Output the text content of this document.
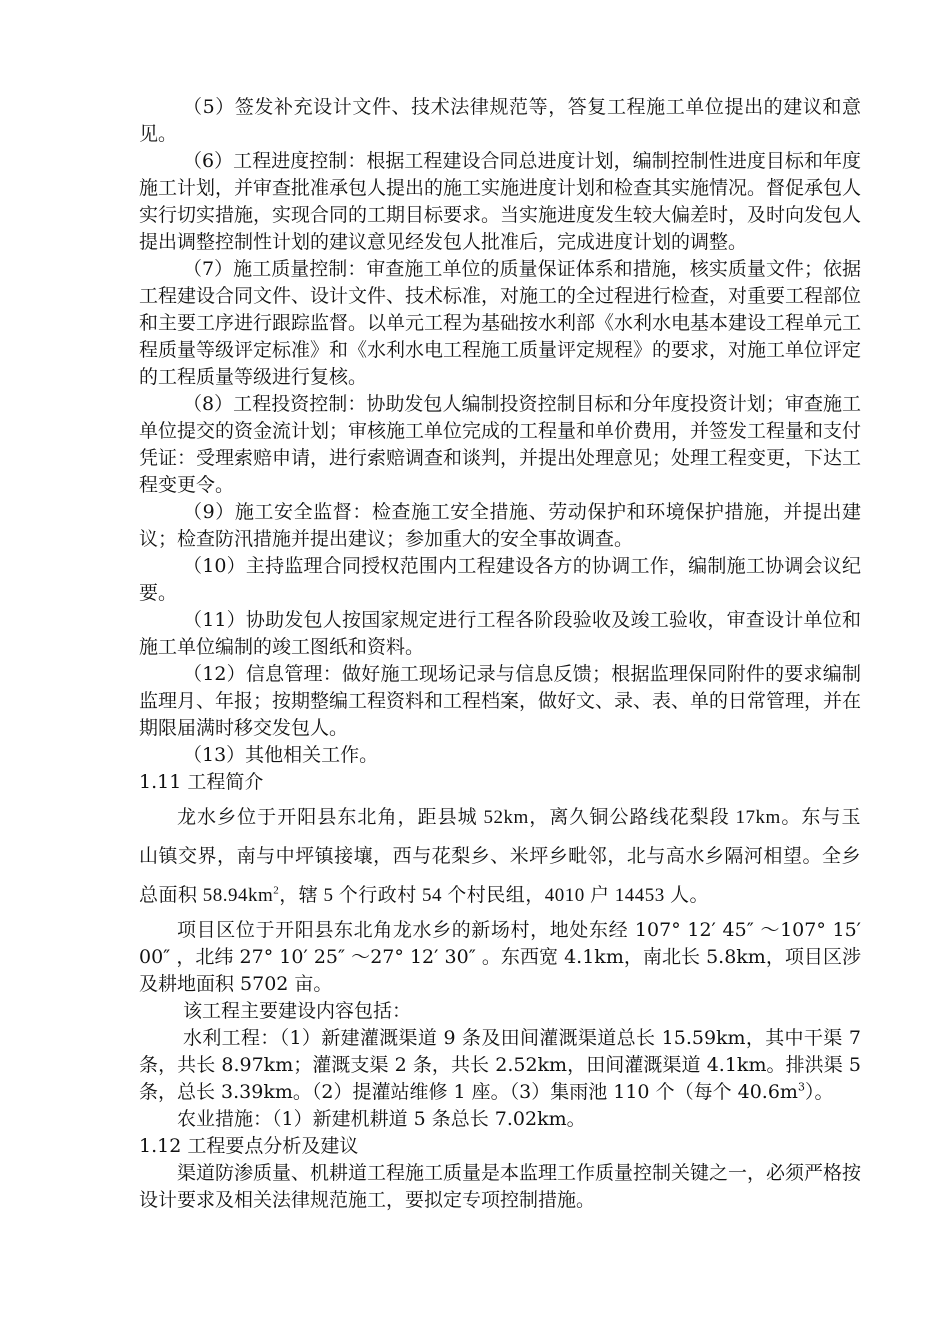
（5）签发补充设计文件、技术法律规范等，答复工程施工单位提出的建议和意见。

（6）工程进度控制：根据工程建设合同总进度计划，编制控制性进度目标和年度施工计划，并审查批准承包人提出的施工实施进度计划和检查其实施情况。督促承包人实行切实措施，实现合同的工期目标要求。当实施进度发生较大偏差时，及时向发包人提出调整控制性计划的建议意见经发包人批准后，完成进度计划的调整。

（7）施工质量控制：审查施工单位的质量保证体系和措施，核实质量文件；依据工程建设合同文件、设计文件、技术标准，对施工的全过程进行检查，对重要工程部位和主要工序进行跟踪监督。以单元工程为基础按水利部《水利水电基本建设工程单元工程质量等级评定标准》和《水利水电工程施工质量评定规程》的要求，对施工单位评定的工程质量等级进行复核。

（8）工程投资控制：协助发包人编制投资控制目标和分年度投资计划；审查施工单位提交的资金流计划；审核施工单位完成的工程量和单价费用，并签发工程量和支付凭证：受理索赔申请，进行索赔调查和谈判，并提出处理意见；处理工程变更，下达工程变更令。

（9）施工安全监督：检查施工安全措施、劳动保护和环境保护措施，并提出建议；检查防汛措施并提出建议；参加重大的安全事故调查。

（10）主持监理合同授权范围内工程建设各方的协调工作，编制施工协调会议纪要。

（11）协助发包人按国家规定进行工程各阶段验收及竣工验收，审查设计单位和施工单位编制的竣工图纸和资料。

（12）信息管理：做好施工现场记录与信息反馈；根据监理保同附件的要求编制监理月、年报；按期整编工程资料和工程档案，做好文、录、表、单的日常管理，并在期限届满时移交发包人。

（13）其他相关工作。

1.11 工程简介

龙水乡位于开阳县东北角，距县城 52km，离久铜公路线花梨段 17km。东与玉山镇交界，南与中坪镇接壤，西与花梨乡、米坪乡毗邻，北与高水乡隔河相望。全乡总面积 $58.94km^2$，辖 5 个行政村 54 个村民组，4010 户 14453 人。

项目区位于开阳县东北角龙水乡的新场村，地处东经 107° 12′ 45″ ～107° 15′ 00″ ，北纬 27° 10′ 25″ ～27° 12′ 30″ 。东西宽 4.1km，南北长 5.8km，项目区涉及耕地面积 5702 亩。

该工程主要建设内容包括：

水利工程：（1）新建灌溉渠道 9 条及田间灌溉渠道总长 15.59km，其中干渠 7 条，共长 8.97km；灌溉支渠 2 条，共长 2.52km，田间灌溉渠道 4.1km。排洪渠 5 条，总长 3.39km。（2）提灌站维修 1 座。（3）集雨池 110 个（每个 $40.6m^3$）。

农业措施：（1）新建机耕道 5 条总长 7.02km。

1.12 工程要点分析及建议

渠道防渗质量、机耕道工程施工质量是本监理工作质量控制关键之一，必须严格按设计要求及相关法律规范施工，要拟定专项控制措施。
